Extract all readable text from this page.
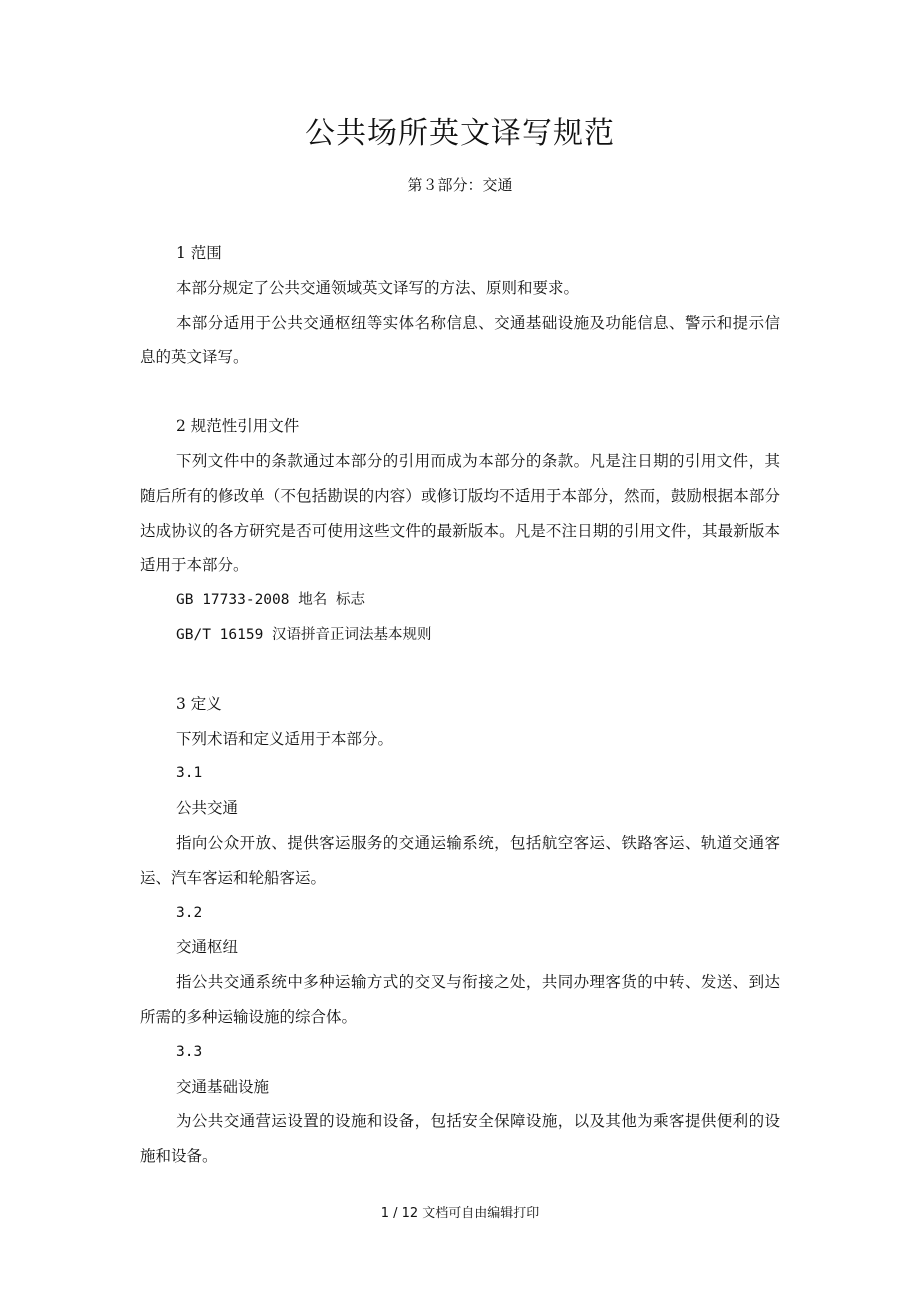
公共场所英文译写规范
第３部分：交通

1 范围

本部分规定了公共交通领域英文译写的方法、原则和要求。

本部分适用于公共交通枢纽等实体名称信息、交通基础设施及功能信息、警示和提示信息的英文译写。

2 规范性引用文件

下列文件中的条款通过本部分的引用而成为本部分的条款。凡是注日期的引用文件，其随后所有的修改单（不包括勘误的内容）或修订版均不适用于本部分，然而，鼓励根据本部分达成协议的各方研究是否可使用这些文件的最新版本。凡是不注日期的引用文件，其最新版本适用于本部分。

GB 17733-2008 地名 标志

GB/T 16159 汉语拼音正词法基本规则

3 定义

下列术语和定义适用于本部分。

3.1

公共交通

指向公众开放、提供客运服务的交通运输系统，包括航空客运、铁路客运、轨道交通客运、汽车客运和轮船客运。

3.2

交通枢纽

指公共交通系统中多种运输方式的交叉与衔接之处，共同办理客货的中转、发送、到达所需的多种运输设施的综合体。

3.3

交通基础设施

为公共交通营运设置的设施和设备，包括安全保障设施，以及其他为乘客提供便利的设施和设备。

1 / 12 文档可自由编辑打印
